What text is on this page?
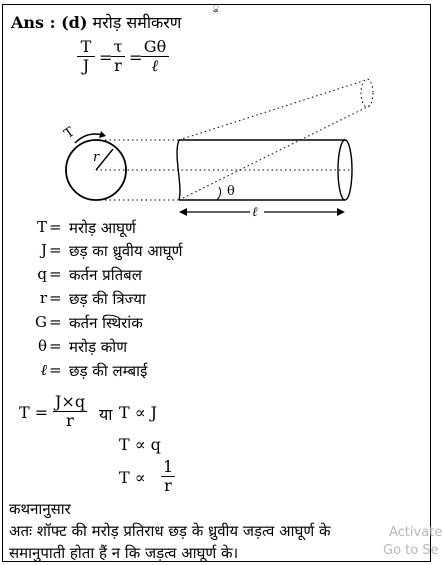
ु
Ans : (d) मरोड़ समीकरण
$\frac{T}{J}$ =
$\frac{\tau}{r}$ =
Gθ
ℓ
r
T
θ
ℓ
T = मरोड़ आघूर्ण
J = छड़ का ध्रुवीय आघूर्ण
q = कर्तन प्रतिबल
r = छड़ की त्रिज्या
G = कर्तन स्थिरांक
θ = मरोड़ कोण
ℓ = छड़ की लम्बाई
$T = \frac{J\times q}{r}$ या T ∝ J
T ∝ q
$T \propto \frac{1}{r}$
कथनानुसार
अतः शॉफ्ट की मरोड़ प्रतिराध छड़ के ध्रुवीय जड़त्व आघूर्ण के
समानुपाती होता हैं न कि जड़त्व आघूर्ण के।
Activate
Go to Se
